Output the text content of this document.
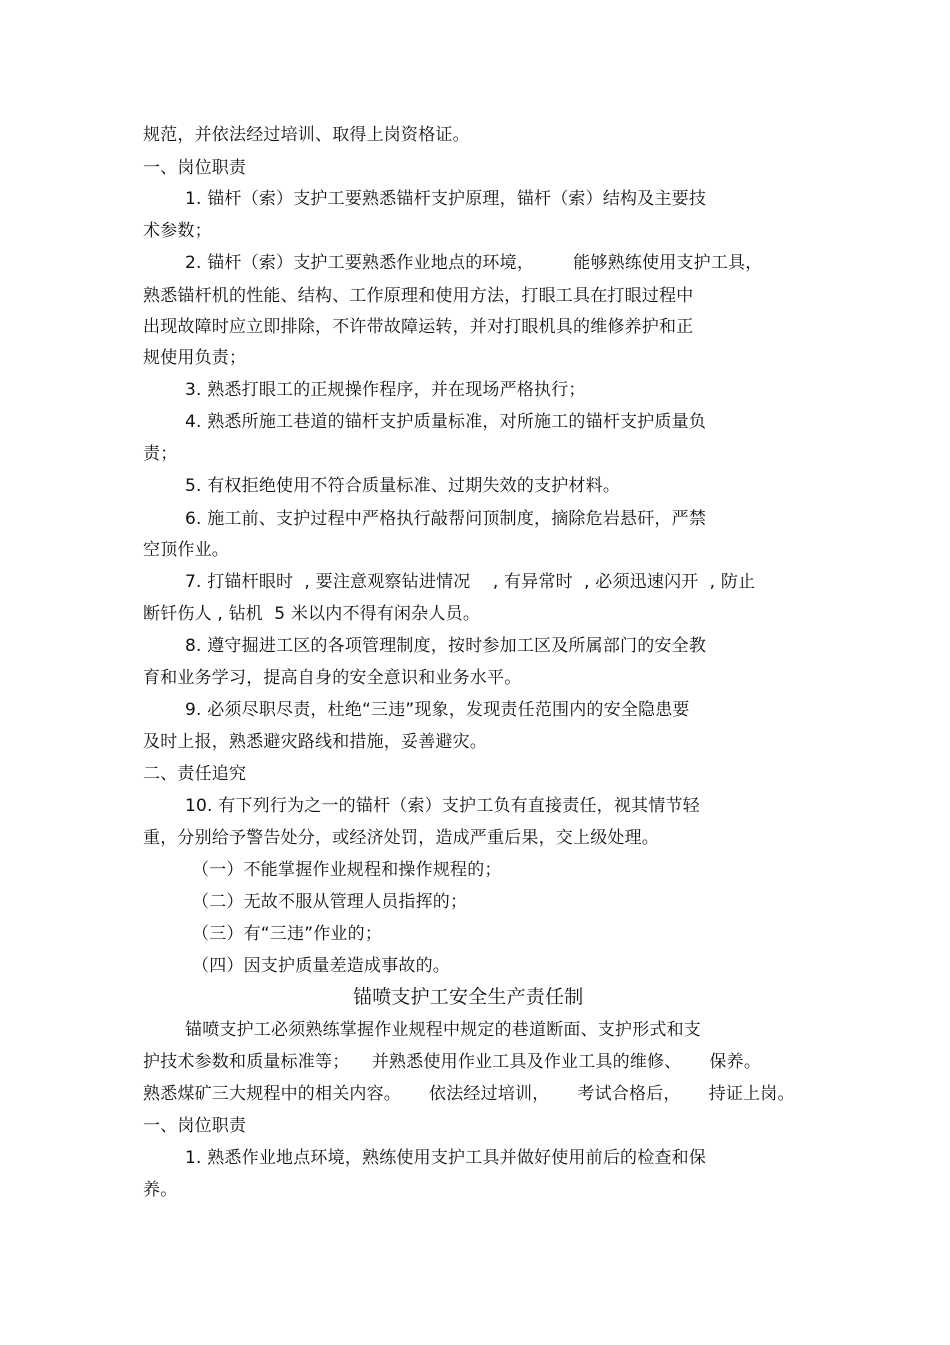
规范，并依法经过培训、取得上岗资格证。
一、岗位职责
1. 锚杆（索）支护工要熟悉锚杆支护原理，锚杆（索）结构及主要技
术参数；
2. 锚杆（索）支护工要熟悉作业地点的环境，       能够熟练使用支护工具，
熟悉锚杆机的性能、结构、工作原理和使用方法，打眼工具在打眼过程中
出现故障时应立即排除，不许带故障运转，并对打眼机具的维修养护和正
规使用负责；
3. 熟悉打眼工的正规操作程序，并在现场严格执行；
4. 熟悉所施工巷道的锚杆支护质量标准，对所施工的锚杆支护质量负
责；
5. 有权拒绝使用不符合质量标准、过期失效的支护材料。
6. 施工前、支护过程中严格执行敲帮问顶制度，摘除危岩悬矸，严禁
空顶作业。
7. 打锚杆眼时  , 要注意观察钻进情况    , 有异常时  , 必须迅速闪开  , 防止
断钎伤人 , 钻机  5 米以内不得有闲杂人员。
8. 遵守掘进工区的各项管理制度，按时参加工区及所属部门的安全教
育和业务学习，提高自身的安全意识和业务水平。
9. 必须尽职尽责，杜绝“三违”现象，发现责任范围内的安全隐患要
及时上报，熟悉避灾路线和措施，妥善避灾。
二、责任追究
10. 有下列行为之一的锚杆（索）支护工负有直接责任，视其情节轻
重，分别给予警告处分，或经济处罚，造成严重后果，交上级处理。
（一）不能掌握作业规程和操作规程的；
（二）无故不服从管理人员指挥的；
（三）有“三违”作业的；
（四）因支护质量差造成事故的。
锚喷支护工安全生产责任制
锚喷支护工必须熟练掌握作业规程中规定的巷道断面、支护形式和支
护技术参数和质量标准等；    并熟悉使用作业工具及作业工具的维修、     保养。
熟悉煤矿三大规程中的相关内容。     依法经过培训，     考试合格后，     持证上岗。
一、岗位职责
1. 熟悉作业地点环境，熟练使用支护工具并做好使用前后的检查和保
养。
